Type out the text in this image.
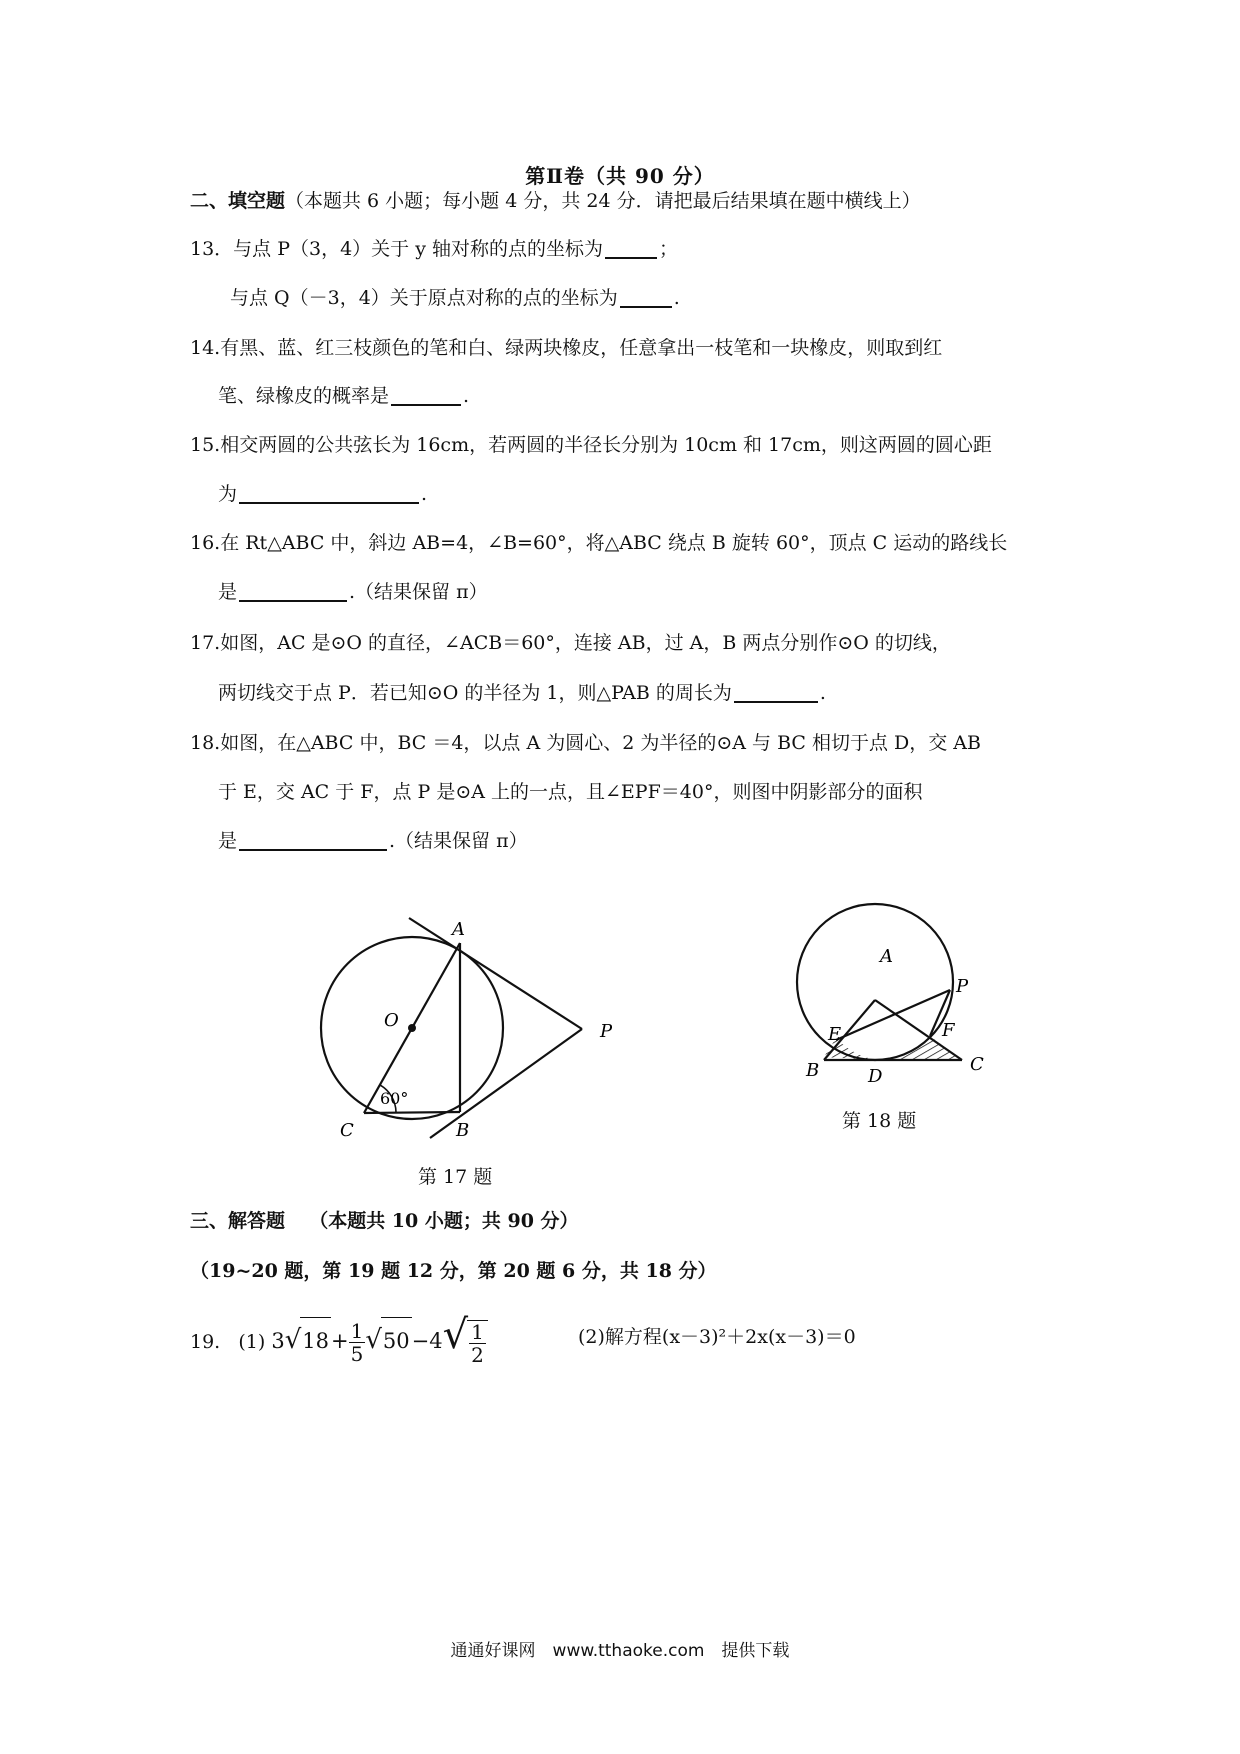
第Ⅱ卷（共 90 分）
二、填空题（本题共 6 小题；每小题 4 分，共 24 分．请把最后结果填在题中横线上）
13．与点 P（3，4）关于 y 轴对称的点的坐标为	；
与点 Q（－3，4）关于原点对称的点的坐标为	.
14.有黑、蓝、红三枝颜色的笔和白、绿两块橡皮，任意拿出一枝笔和一块橡皮，则取到红
笔、绿橡皮的概率是	.
15.相交两圆的公共弦长为 16cm，若两圆的半径长分别为 10cm 和 17cm，则这两圆的圆心距
为	.
16.在 Rt△ABC 中，斜边 AB=4，∠B=60°，将△ABC 绕点 B 旋转 60°，顶点 C 运动的路线长
是	.（结果保留 π）
17.如图，AC 是⊙O 的直径，∠ACB＝60°，连接 AB，过 A，B 两点分别作⊙O 的切线，
两切线交于点 P．若已知⊙O 的半径为 1，则△PAB 的周长为	.
18.如图，在△ABC 中，BC ＝4，以点 A 为圆心、2 为半径的⊙A 与 BC 相切于点 D，交 AB
于 E，交 AC 于 F，点 P 是⊙A 上的一点，且∠EPF＝40°，则图中阴影部分的面积
是	.（结果保留 π）
A
O
P
C	B
60°
第 17 题
A
P
E	F
B	D
C
第 18 题
三、解答题 （本题共 10 小题；共 90 分）
（19~20 题，第 19 题 12 分，第 20 题 6 分，共 18 分）
19. (1) $3√18+ \frac{1}{5} √50-4√ \frac{1}{2}$	(2)解方程(x－3)²＋2x(x－3)＝0
通通好课网　www.tthaoke.com　提供下载
